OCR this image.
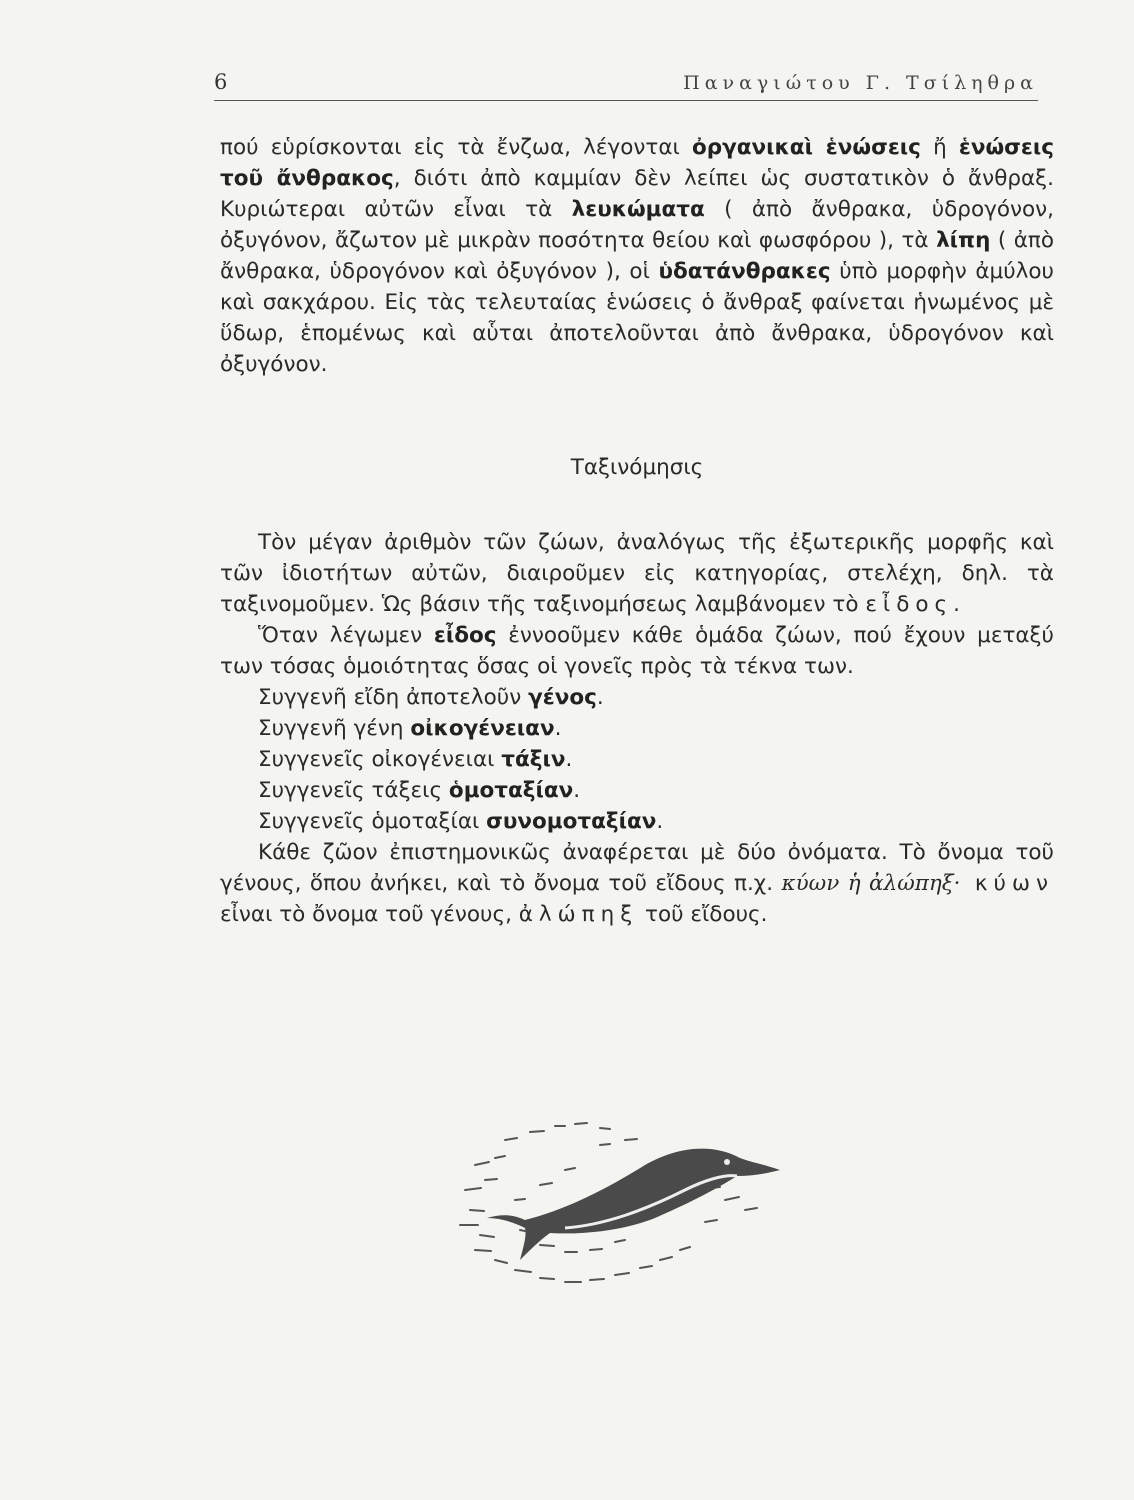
6	Παναγιώτου Γ. Τσίληθρα

πού εὑρίσκονται εἰς τὰ ἔνζωα, λέγονται ὀργανικαὶ ἑνώσεις ἤ ἑνώσεις τοῦ ἄνθρακος, διότι ἀπὸ καμμίαν δὲν λείπει ὡς συστατικὸν ὁ ἄνθραξ. Κυριώτεραι αὐτῶν εἶναι τὰ λευκώματα ( ἀπὸ ἄνθρακα, ὑδρογόνον, ὀξυγόνον, ἄζωτον μὲ μικρὰν ποσότητα θείου καὶ φωσφόρου ), τὰ λίπη ( ἀπὸ ἄνθρακα, ὑδρογόνον καὶ ὀξυγόνον ), οἱ ὑδατάνθρακες ὑπὸ μορφὴν ἀμύλου καὶ σακχάρου. Εἰς τὰς τελευταίας ἑνώσεις ὁ ἄνθραξ φαίνεται ἡνωμένος μὲ ὕδωρ, ἑπομένως καὶ αὗται ἀποτελοῦνται ἀπὸ ἄνθρακα, ὑδρογόνον καὶ ὀξυγόνον.

Ταξινόμησις

Τὸν μέγαν ἀριθμὸν τῶν ζώων, ἀναλόγως τῆς ἐξωτερικῆς μορφῆς καὶ τῶν ἰδιοτήτων αὐτῶν, διαιροῦμεν εἰς κατηγορίας, στελέχη, δηλ. τὰ ταξινομοῦμεν. Ὡς βάσιν τῆς ταξινομήσεως λαμβάνομεν τὸ εἶδος.

Ὅταν λέγωμεν εἶδος ἐννοοῦμεν κάθε ὁμάδα ζώων, πού ἔχουν μεταξύ των τόσας ὁμοιότητας ὅσας οἱ γονεῖς πρὸς τὰ τέκνα των.

Συγγενῆ εἴδη ἀποτελοῦν γένος.

Συγγενῆ γένη οἰκογένειαν.

Συγγενεῖς οἰκογένειαι τάξιν.

Συγγενεῖς τάξεις ὁμοταξίαν.

Συγγενεῖς ὁμοταξίαι συνομοταξίαν.

Κάθε ζῶον ἐπιστημονικῶς ἀναφέρεται μὲ δύο ὀνόματα. Τὸ ὄνομα τοῦ γένους, ὅπου ἀνήκει, καὶ τὸ ὄνομα τοῦ εἴδους π.χ. κύων ἡ ἀλώπηξ· κύων εἶναι τὸ ὄνομα τοῦ γένους, ἀλώπηξ τοῦ εἴδους.
